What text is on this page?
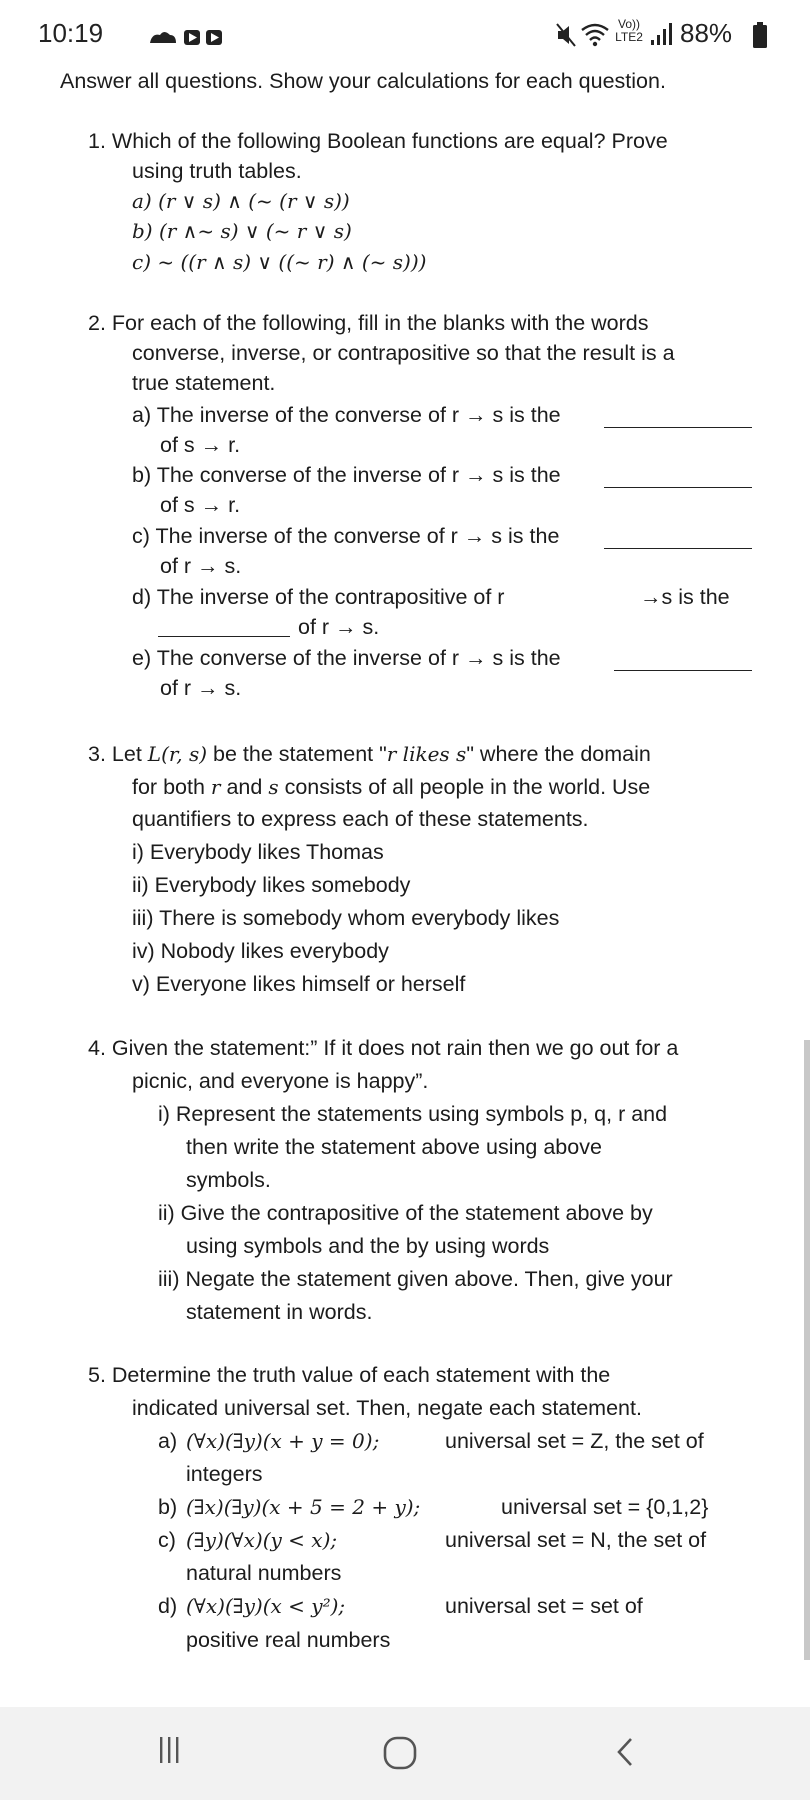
10:19	Vo)) LTE2 88%
Answer all questions. Show your calculations for each question.
1. Which of the following Boolean functions are equal? Prove
using truth tables.
a) (r ∨ s) ∧ (~ (r ∨ s))
b) (r ∧~ s) ∨ (~ r ∨ s)
c) ~ ((r ∧ s) ∨ ((~ r) ∧ (~ s)))
2. For each of the following, fill in the blanks with the words
converse, inverse, or contrapositive so that the result is a
true statement.
a) The inverse of the converse of r → s is the
of s → r.
b) The converse of the inverse of r → s is the
of s → r.
c) The inverse of the converse of r → s is the
of r → s.
d) The inverse of the contrapositive of r	→s is the
of r → s.
e) The converse of the inverse of r → s is the
of r → s.
3. Let L(r, s) be the statement "r likes s" where the domain
for both r and s consists of all people in the world. Use
quantifiers to express each of these statements.
i) Everybody likes Thomas
ii) Everybody likes somebody
iii) There is somebody whom everybody likes
iv) Nobody likes everybody
v) Everyone likes himself or herself
4. Given the statement:” If it does not rain then we go out for a
picnic, and everyone is happy”.
i) Represent the statements using symbols p, q, r and
then write the statement above using above
symbols.
ii) Give the contrapositive of the statement above by
using symbols and the by using words
iii) Negate the statement given above. Then, give your
statement in words.
5. Determine the truth value of each statement with the
indicated universal set. Then, negate each statement.
a) (∀x)(∃y)(x + y = 0);	universal set = Z, the set of
integers
b) (∃x)(∃y)(x + 5 = 2 + y);	universal set = {0,1,2}
c) (∃y)(∀x)(y < x);	universal set = N, the set of
natural numbers
d) (∀x)(∃y)(x < y²);	universal set = set of
positive real numbers
